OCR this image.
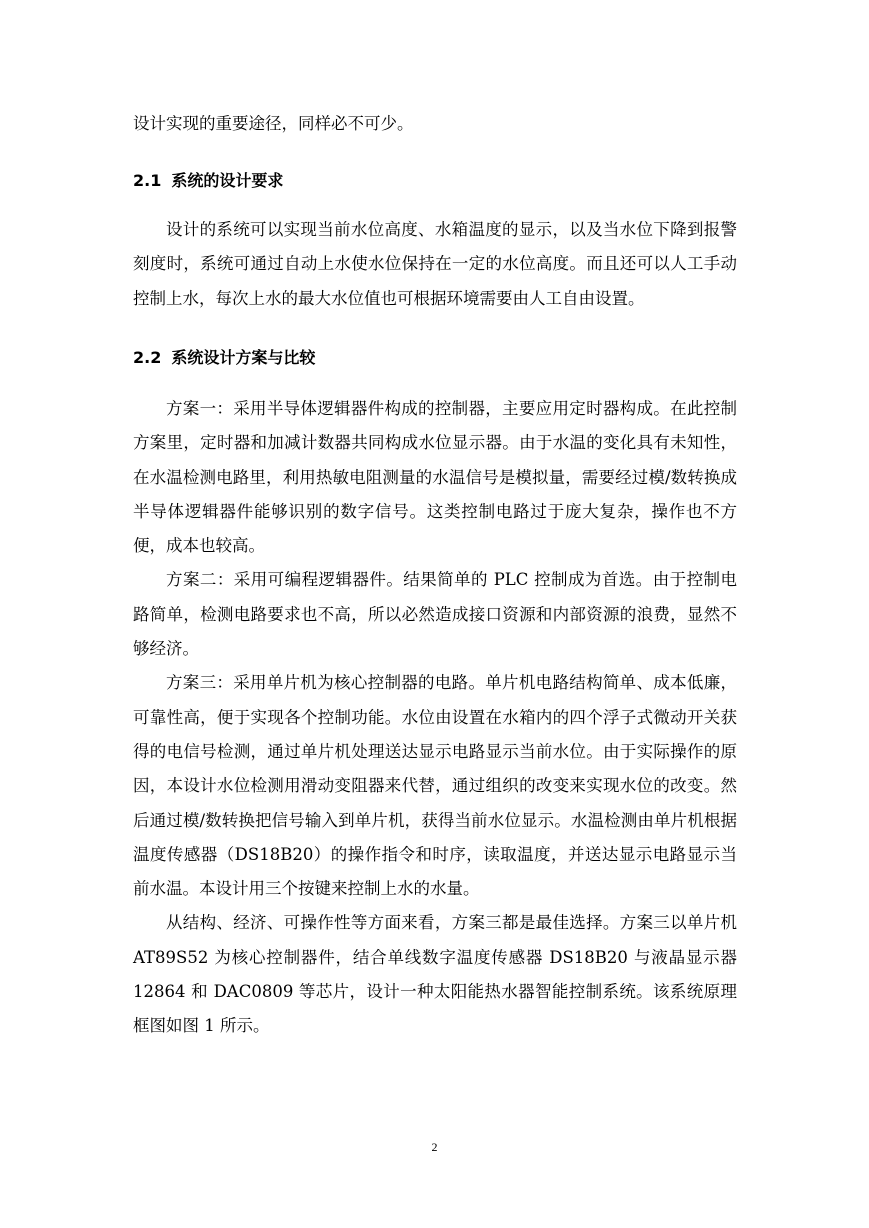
设计实现的重要途径，同样必不可少。
2.1 系统的设计要求

设计的系统可以实现当前水位高度、水箱温度的显示，以及当水位下降到报警刻度时，系统可通过自动上水使水位保持在一定的水位高度。而且还可以人工手动控制上水，每次上水的最大水位值也可根据环境需要由人工自由设置。

2.2 系统设计方案与比较

方案一：采用半导体逻辑器件构成的控制器，主要应用定时器构成。在此控制方案里，定时器和加减计数器共同构成水位显示器。由于水温的变化具有未知性，在水温检测电路里，利用热敏电阻测量的水温信号是模拟量，需要经过模/数转换成半导体逻辑器件能够识别的数字信号。这类控制电路过于庞大复杂，操作也不方便，成本也较高。

方案二：采用可编程逻辑器件。结果简单的 PLC 控制成为首选。由于控制电路简单，检测电路要求也不高，所以必然造成接口资源和内部资源的浪费，显然不够经济。

方案三：采用单片机为核心控制器的电路。单片机电路结构简单、成本低廉，可靠性高，便于实现各个控制功能。水位由设置在水箱内的四个浮子式微动开关获得的电信号检测，通过单片机处理送达显示电路显示当前水位。由于实际操作的原因，本设计水位检测用滑动变阻器来代替，通过组织的改变来实现水位的改变。然后通过模/数转换把信号输入到单片机，获得当前水位显示。水温检测由单片机根据温度传感器（DS18B20）的操作指令和时序，读取温度，并送达显示电路显示当前水温。本设计用三个按键来控制上水的水量。

从结构、经济、可操作性等方面来看，方案三都是最佳选择。方案三以单片机 AT89S52 为核心控制器件，结合单线数字温度传感器 DS18B20 与液晶显示器 12864 和 DAC0809 等芯片，设计一种太阳能热水器智能控制系统。该系统原理框图如图 1 所示。

2
